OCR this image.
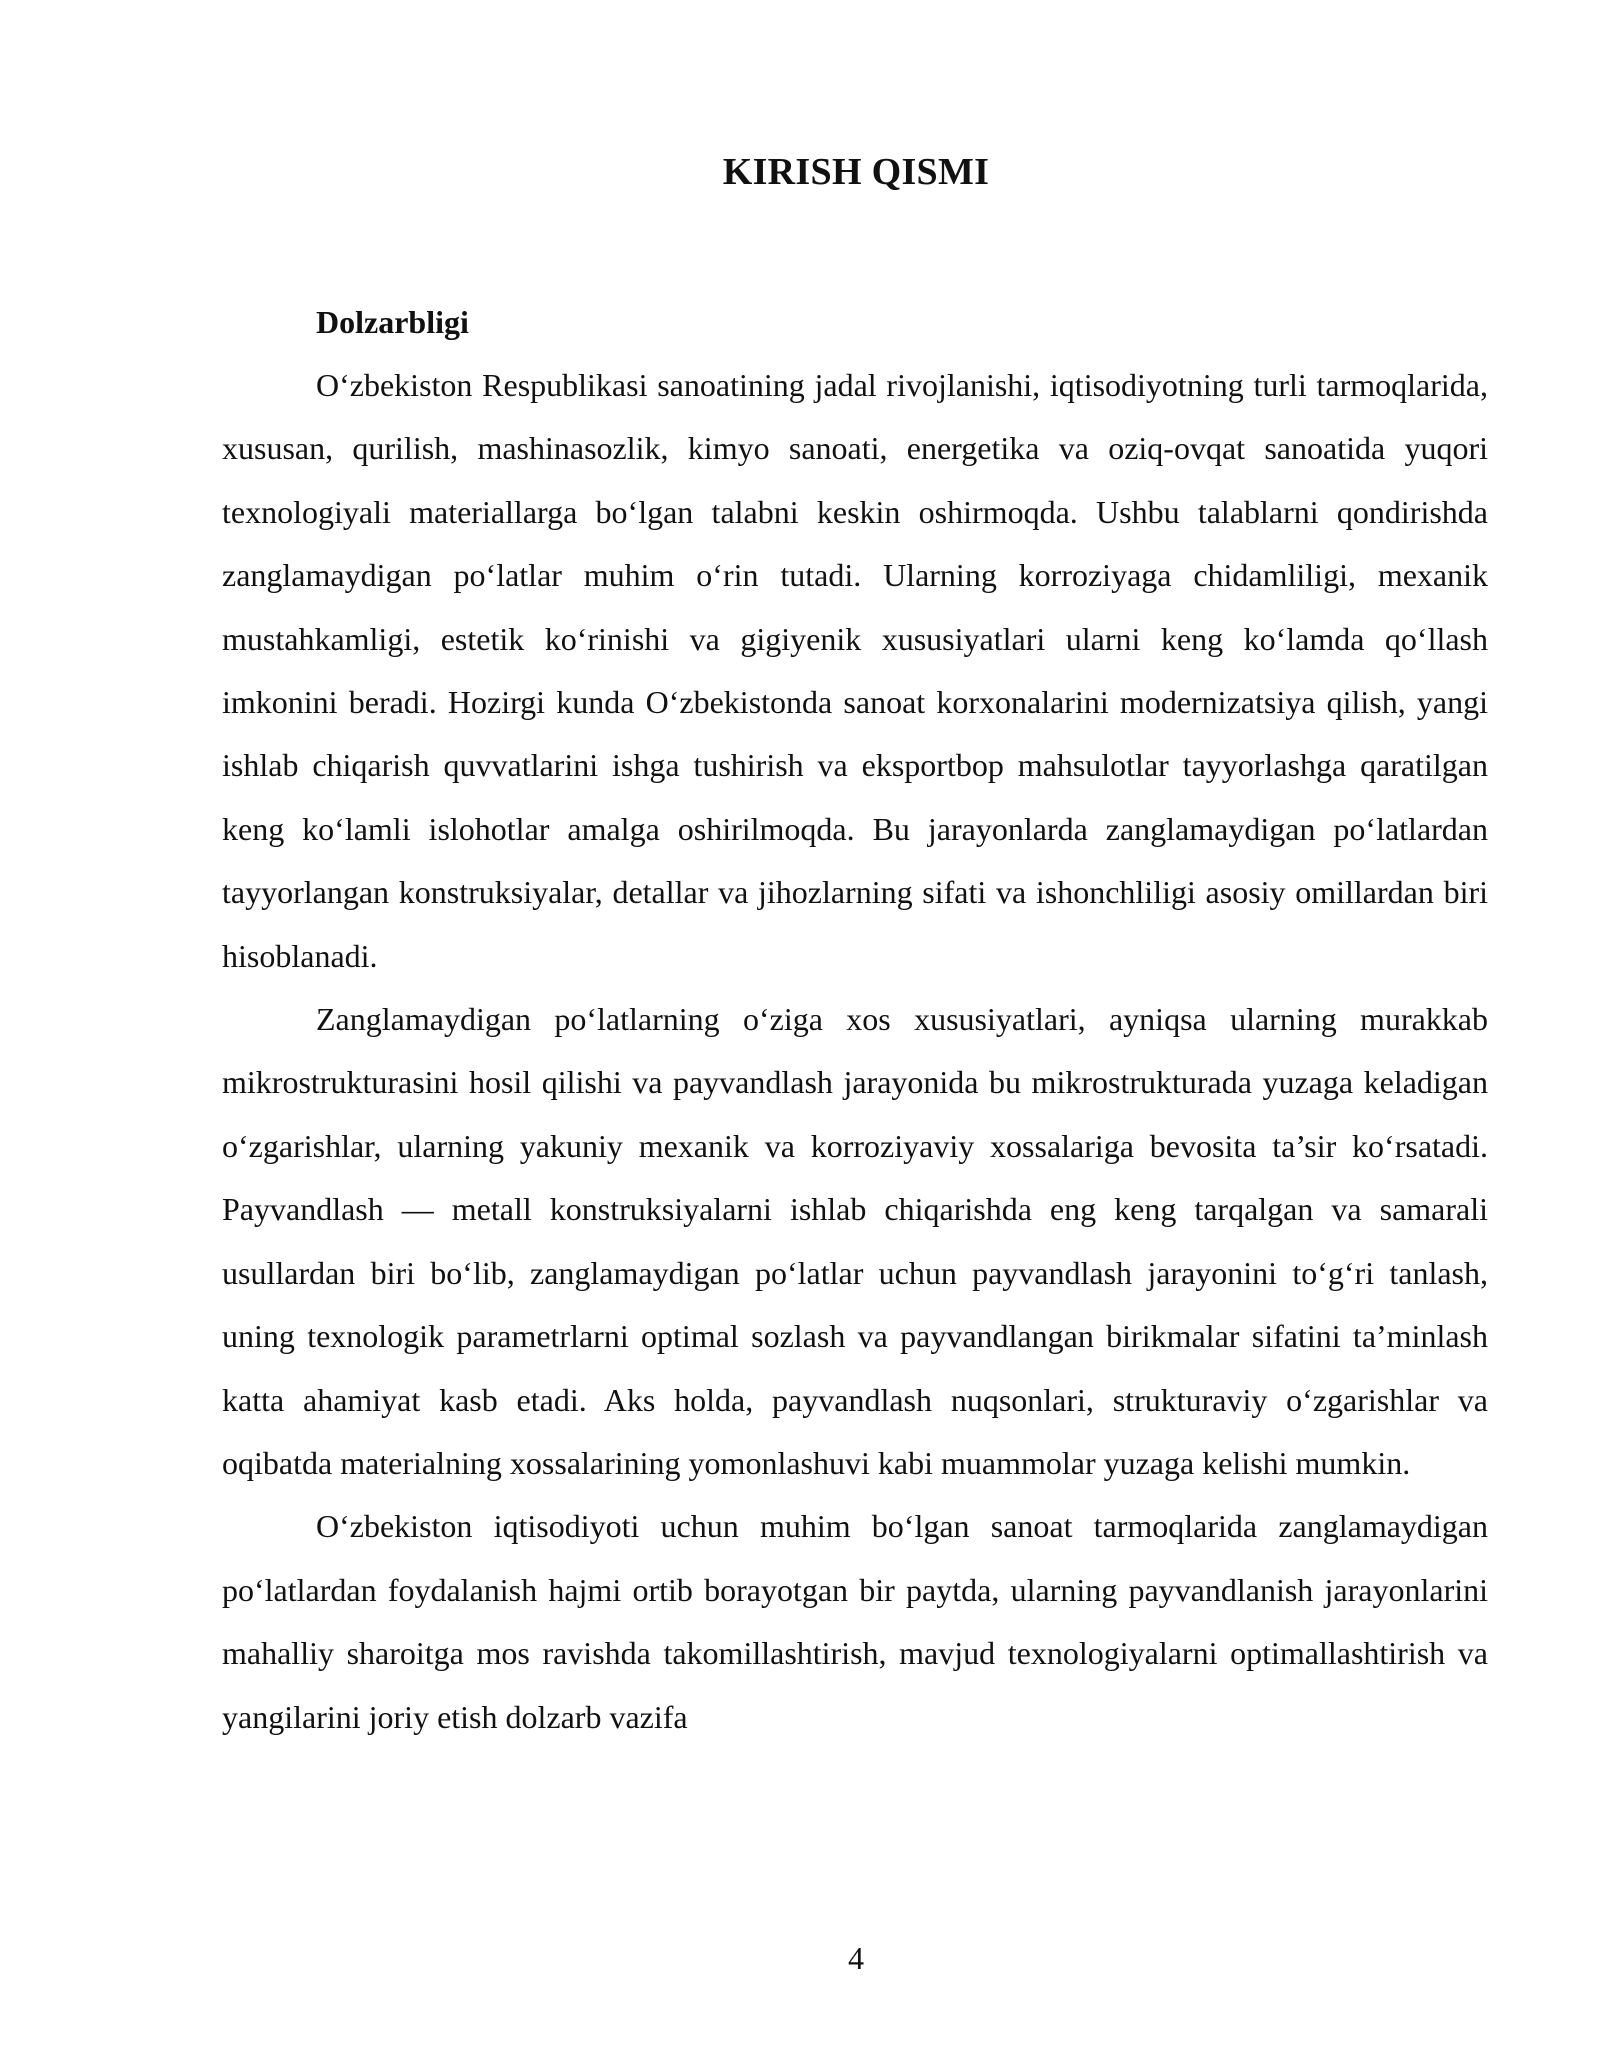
KIRISH QISMI
Dolzarbligi

O‘zbekiston Respublikasi sanoatining jadal rivojlanishi, iqtisodiyotning turli tarmoqlarida, xususan, qurilish, mashinasozlik, kimyo sanoati, energetika va oziq-ovqat sanoatida yuqori texnologiyali materiallarga bo‘lgan talabni keskin oshirmoqda. Ushbu talablarni qondirishda zanglamaydigan po‘latlar muhim o‘rin tutadi. Ularning korroziyaga chidamliligi, mexanik mustahkamligi, estetik ko‘rinishi va gigiyenik xususiyatlari ularni keng ko‘lamda qo‘llash imkonini beradi. Hozirgi kunda O‘zbekistonda sanoat korxonalarini modernizatsiya qilish, yangi ishlab chiqarish quvvatlarini ishga tushirish va eksportbop mahsulotlar tayyorlashga qaratilgan keng ko‘lamli islohotlar amalga oshirilmoqda. Bu jarayonlarda zanglamaydigan po‘latlardan tayyorlangan konstruksiyalar, detallar va jihozlarning sifati va ishonchliligi asosiy omillardan biri hisoblanadi.

Zanglamaydigan po‘latlarning o‘ziga xos xususiyatlari, ayniqsa ularning murakkab mikrostrukturasini hosil qilishi va payvandlash jarayonida bu mikrostrukturada yuzaga keladigan o‘zgarishlar, ularning yakuniy mexanik va korroziyaviy xossalariga bevosita ta’sir ko‘rsatadi. Payvandlash — metall konstruksiyalarni ishlab chiqarishda eng keng tarqalgan va samarali usullardan biri bo‘lib, zanglamaydigan po‘latlar uchun payvandlash jarayonini to‘g‘ri tanlash, uning texnologik parametrlarni optimal sozlash va payvandlangan birikmalar sifatini ta’minlash katta ahamiyat kasb etadi. Aks holda, payvandlash nuqsonlari, strukturaviy o‘zgarishlar va oqibatda materialning xossalarining yomonlashuvi kabi muammolar yuzaga kelishi mumkin.

O‘zbekiston iqtisodiyoti uchun muhim bo‘lgan sanoat tarmoqlarida zanglamaydigan po‘latlardan foydalanish hajmi ortib borayotgan bir paytda, ularning payvandlanish jarayonlarini mahalliy sharoitga mos ravishda takomillashtirish, mavjud texnologiyalarni optimallashtirish va yangilarini joriy etish dolzarb vazifa

4
